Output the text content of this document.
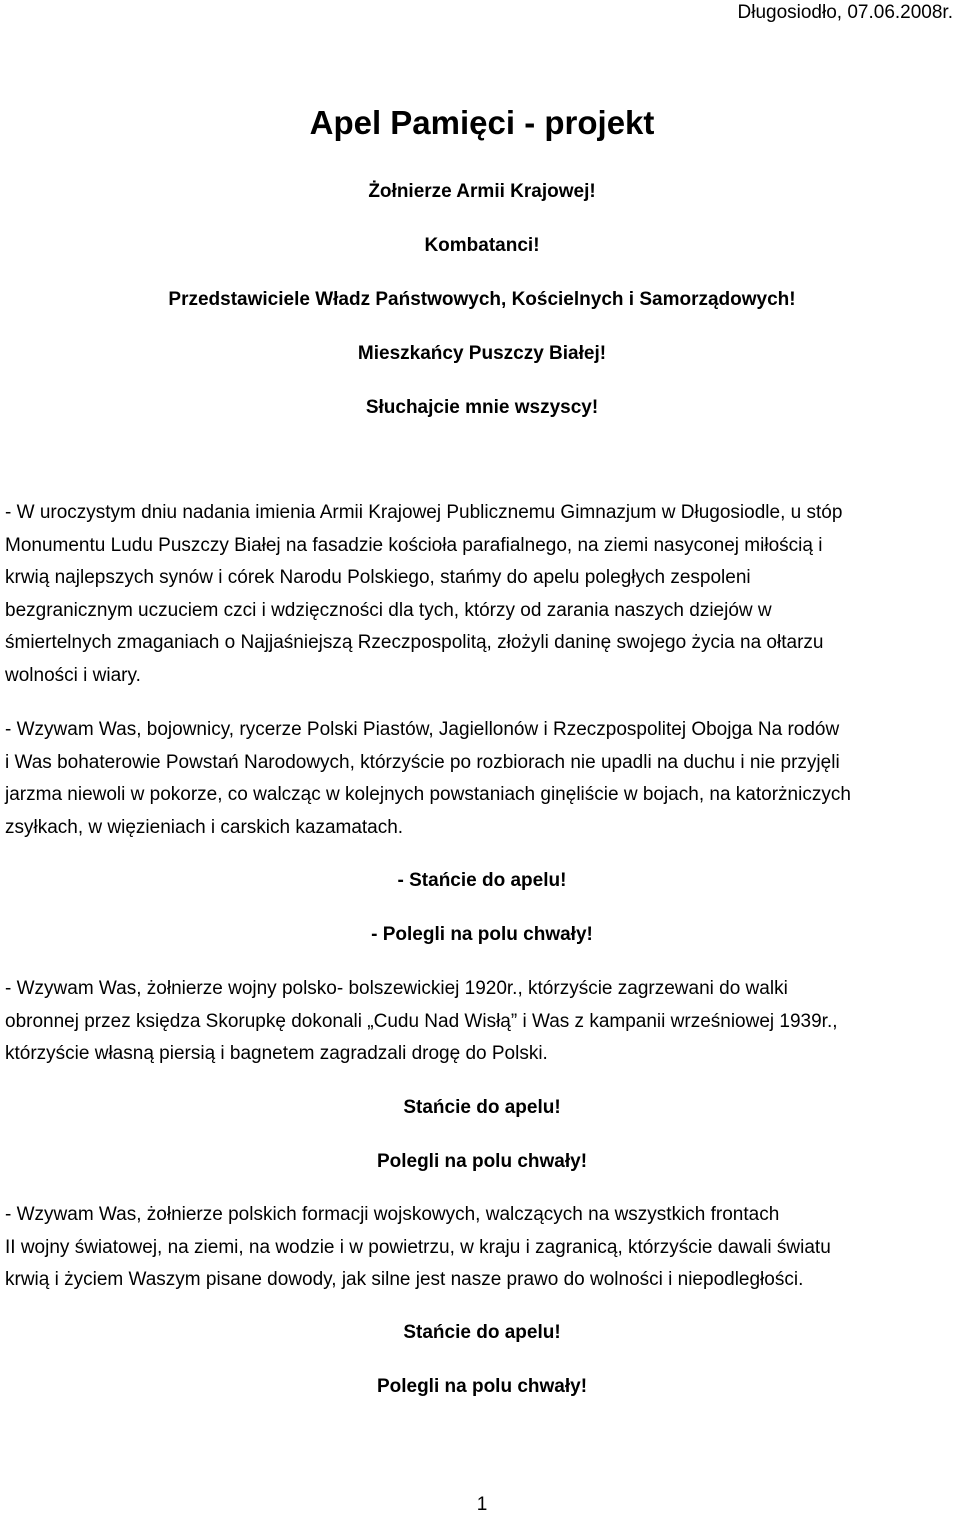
Długosiodło, 07.06.2008r.
Apel Pamięci - projekt
Żołnierze Armii Krajowej!
Kombatanci!
Przedstawiciele Władz Państwowych, Kościelnych i Samorządowych!
Mieszkańcy Puszczy Białej!
Słuchajcie mnie wszyscy!
- W uroczystym dniu nadania imienia Armii Krajowej Publicznemu Gimnazjum w Długosiodle, u stóp
Monumentu Ludu Puszczy Białej na fasadzie kościoła parafialnego, na ziemi nasyconej miłością i
krwią najlepszych synów i córek Narodu Polskiego, stańmy do apelu poległych zespoleni
bezgranicznym uczuciem czci i wdzięczności dla tych, którzy od zarania naszych dziejów w
śmiertelnych zmaganiach o Najjaśniejszą Rzeczpospolitą, złożyli daninę swojego życia na ołtarzu
wolności i wiary.
- Wzywam Was, bojownicy, rycerze Polski Piastów, Jagiellonów i Rzeczpospolitej Obojga Na rodów
i Was bohaterowie Powstań Narodowych, którzyście po rozbiorach nie upadli na duchu i nie przyjęli
jarzma niewoli w pokorze, co walcząc w kolejnych powstaniach ginęliście w bojach, na katorżniczych
zsyłkach, w więzieniach i carskich kazamatach.
- Stańcie do apelu!
- Polegli na polu chwały!
- Wzywam Was, żołnierze wojny polsko- bolszewickiej 1920r., którzyście zagrzewani do walki
obronnej przez księdza Skorupkę dokonali „Cudu Nad Wisłą” i Was z kampanii wrześniowej 1939r.,
którzyście własną piersią i bagnetem zagradzali drogę do Polski.
Stańcie do apelu!
Polegli na polu chwały!
- Wzywam Was, żołnierze polskich formacji wojskowych, walczących na wszystkich frontach
II wojny światowej, na ziemi, na wodzie i w powietrzu, w kraju i zagranicą, którzyście dawali światu
krwią i życiem Waszym pisane dowody, jak silne jest nasze prawo do wolności i niepodległości.
Stańcie do apelu!
Polegli na polu chwały!
1
